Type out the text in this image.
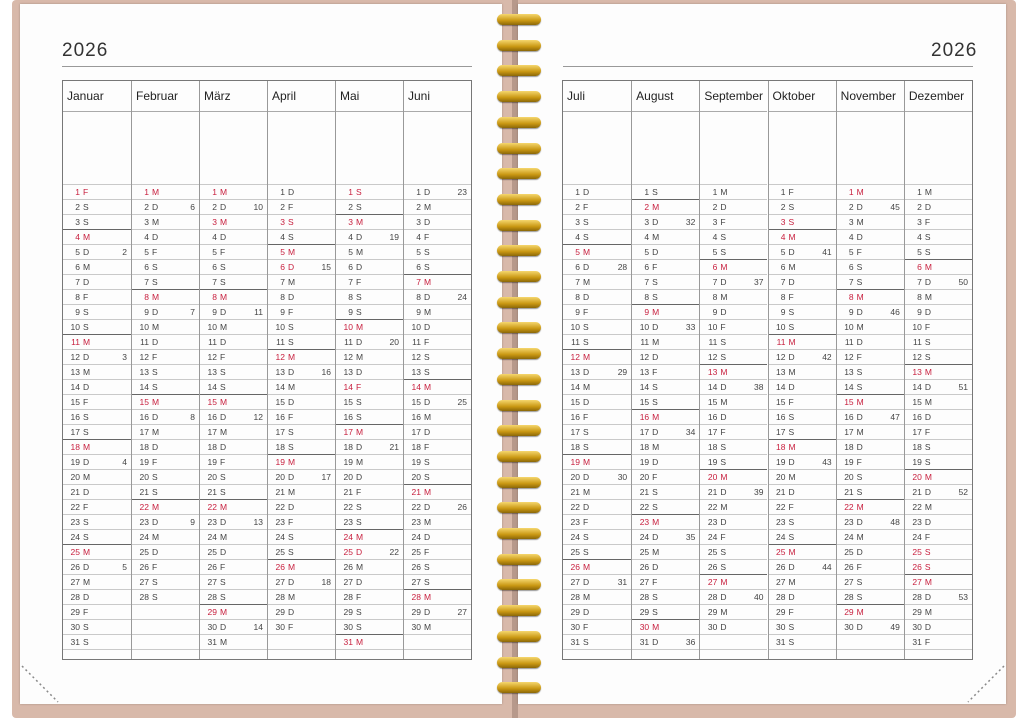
2026	2026
Januar
1 F
2 S
3 S
4 M
5 D	2
6 M
7 D
8 F
9 S
10 S
11 M
12 D	3
13 M
14 D
15 F
16 S
17 S
18 M
19 D	4
20 M
21 D
22 F
23 S
24 S
25 M
26 D	5
27 M
28 D
29 F
30 S
31 S
Februar
1 M
2 D	6
3 M
4 D
5 F
6 S
7 S
8 M
9 D	7
10 M
11 D
12 F
13 S
14 S
15 M
16 D	8
17 M
18 D
19 F
20 S
21 S
22 M
23 D	9
24 M
25 D
26 F
27 S
28 S
März
1 M
2 D	10
3 M
4 D
5 F
6 S
7 S
8 M
9 D	11
10 M
11 D
12 F
13 S
14 S
15 M
16 D	12
17 M
18 D
19 F
20 S
21 S
22 M
23 D	13
24 M
25 D
26 F
27 S
28 S
29 M
30 D	14
31 M
April
1 D
2 F
3 S
4 S
5 M
6 D	15
7 M
8 D
9 F
10 S
11 S
12 M
13 D	16
14 M
15 D
16 F
17 S
18 S
19 M
20 D	17
21 M
22 D
23 F
24 S
25 S
26 M
27 D	18
28 M
29 D
30 F
Mai
1 S
2 S
3 M
4 D	19
5 M
6 D
7 F
8 S
9 S
10 M
11 D	20
12 M
13 D
14 F
15 S
16 S
17 M
18 D	21
19 M
20 D
21 F
22 S
23 S
24 M
25 D	22
26 M
27 D
28 F
29 S
30 S
31 M
Juni
1 D	23
2 M
3 D
4 F
5 S
6 S
7 M
8 D	24
9 M
10 D
11 F
12 S
13 S
14 M
15 D	25
16 M
17 D
18 F
19 S
20 S
21 M
22 D	26
23 M
24 D
25 F
26 S
27 S
28 M
29 D	27
30 M
Juli
1 D
2 F
3 S
4 S
5 M
6 D	28
7 M
8 D
9 F
10 S
11 S
12 M
13 D	29
14 M
15 D
16 F
17 S
18 S
19 M
20 D	30
21 M
22 D
23 F
24 S
25 S
26 M
27 D	31
28 M
29 D
30 F
31 S
August
1 S
2 M
3 D	32
4 M
5 D
6 F
7 S
8 S
9 M
10 D	33
11 M
12 D
13 F
14 S
15 S
16 M
17 D	34
18 M
19 D
20 F
21 S
22 S
23 M
24 D	35
25 M
26 D
27 F
28 S
29 S
30 M
31 D	36
September
1 M
2 D
3 F
4 S
5 S
6 M
7 D	37
8 M
9 D
10 F
11 S
12 S
13 M
14 D	38
15 M
16 D
17 F
18 S
19 S
20 M
21 D	39
22 M
23 D
24 F
25 S
26 S
27 M
28 D	40
29 M
30 D
Oktober
1 F
2 S
3 S
4 M
5 D	41
6 M
7 D
8 F
9 S
10 S
11 M
12 D	42
13 M
14 D
15 F
16 S
17 S
18 M
19 D	43
20 M
21 D
22 F
23 S
24 S
25 M
26 D	44
27 M
28 D
29 F
30 S
31 S
November
1 M
2 D	45
3 M
4 D
5 F
6 S
7 S
8 M
9 D	46
10 M
11 D
12 F
13 S
14 S
15 M
16 D	47
17 M
18 D
19 F
20 S
21 S
22 M
23 D	48
24 M
25 D
26 F
27 S
28 S
29 M
30 D	49
Dezember
1 M
2 D
3 F
4 S
5 S
6 M
7 D	50
8 M
9 D
10 F
11 S
12 S
13 M
14 D	51
15 M
16 D
17 F
18 S
19 S
20 M
21 D	52
22 M
23 D
24 F
25 S
26 S
27 M
28 D	53
29 M
30 D
31 F
